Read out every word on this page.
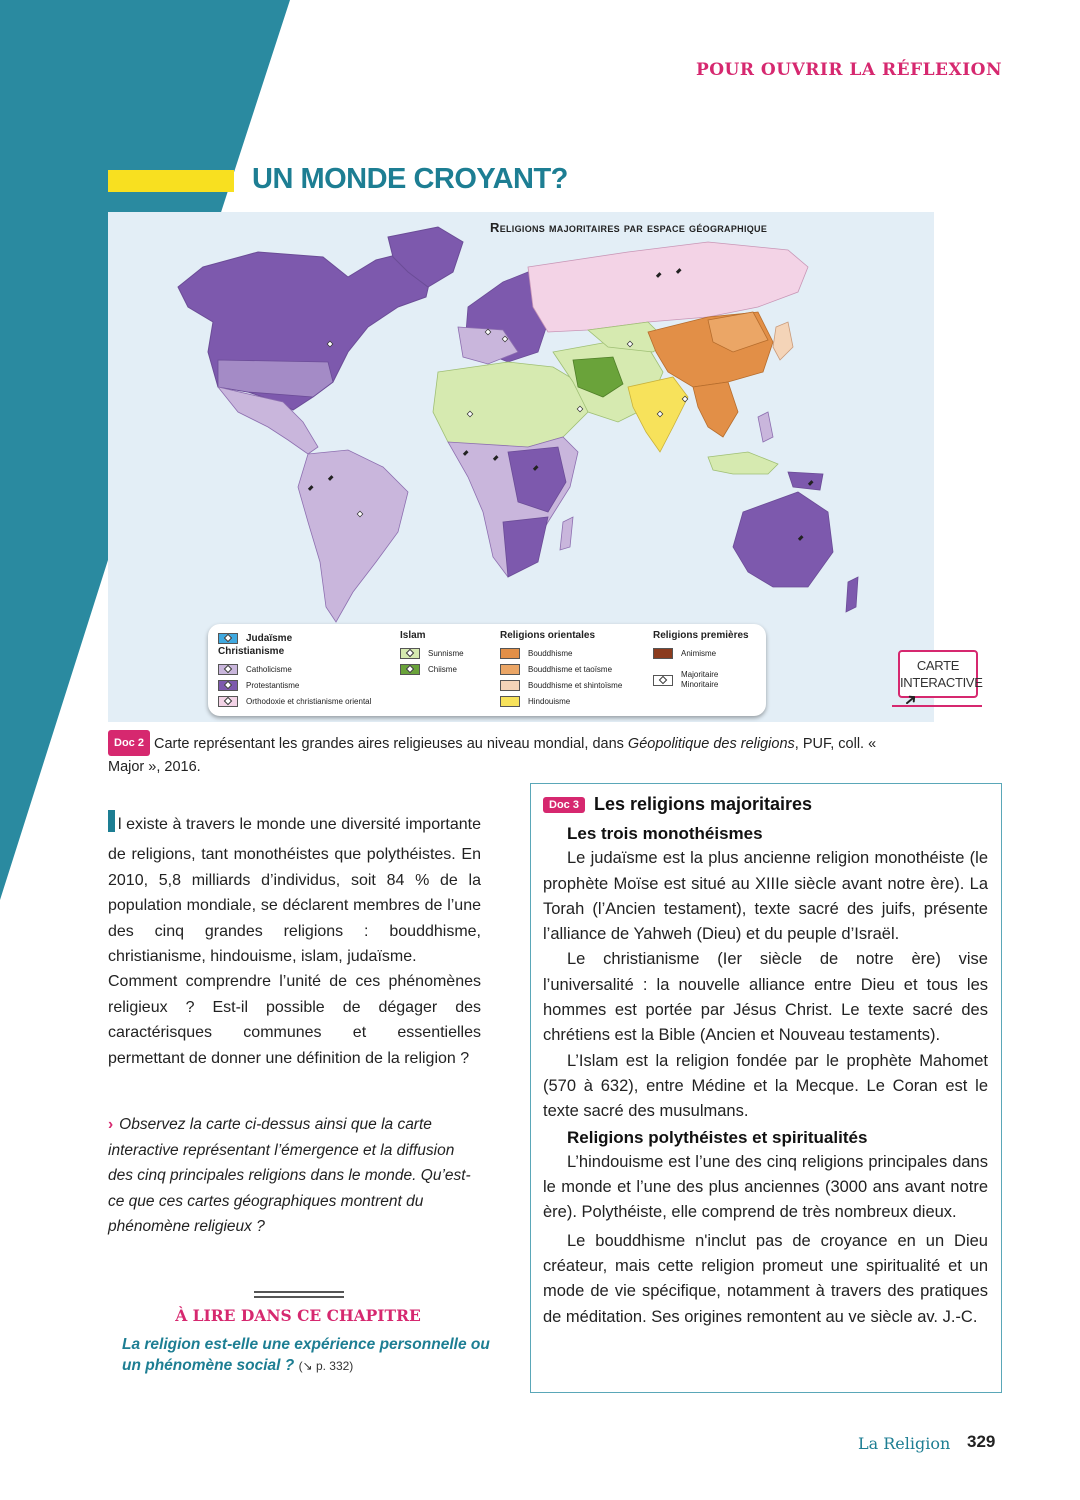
POUR OUVRIR LA RÉFLEXION
UN MONDE CROYANT?
Religions majoritaires par espace géographique
Judaïsme
Christianisme
Catholicisme
Protestantisme
Orthodoxie et christianisme oriental
Islam
Sunnisme
Chiisme
Religions orientales
Bouddhisme
Bouddhisme et taoïsme
Bouddhisme et shintoïsme
Hindouisme
Religions premières
Animisme
Majoritaire
Minoritaire
CARTE
INTERACTIVE
➜
Doc 2 Carte représentant les grandes aires religieuses au niveau mondial, dans Géopolitique des religions, PUF, coll. « Major », 2016.

l existe à travers le monde une diversité importante de religions, tant monothéistes que polythéistes. En 2010, 5,8 milliards d’individus, soit 84 % de la population mondiale, se déclarent membres de l’une des cinq grandes religions : bouddhisme, christianisme, hindouisme, islam, judaïsme.

Comment comprendre l’unité de ces phénomènes religieux ? Est-il possible de dégager des caractérisques communes et essentielles permettant de donner une définition de la religion ?

› Observez la carte ci-dessus ainsi que la carte interactive représentant l’émergence et la diffusion des cinq principales religions dans le monde. Qu’est-ce que ces cartes géographiques montrent du phénomène religieux ?
À LIRE DANS CE CHAPITRE
La religion est-elle une expérience personnelle ou un phénomène social ? (↘ p. 332)
Doc 3 Les religions majoritaires
Les trois monothéismes

Le judaïsme est la plus ancienne religion monothéiste (le prophète Moïse est situé au XIIIe siècle avant notre ère). La Torah (l’Ancien testament), texte sacré des juifs, présente l’alliance de Yahweh (Dieu) et du peuple d’Israël.

Le christianisme (Ier siècle de notre ère) vise l’universalité : la nouvelle alliance entre Dieu et tous les hommes est portée par Jésus Christ. Le texte sacré des chrétiens est la Bible (Ancien et Nouveau testaments).

L’Islam est la religion fondée par le prophète Mahomet (570 à 632), entre Médine et la Mecque. Le Coran est le texte sacré des musulmans.

Religions polythéistes et spiritualités

L’hindouisme est l’une des cinq religions principales dans le monde et l’une des plus anciennes (3000 ans avant notre ère). Polythéiste, elle comprend de très nombreux dieux.

Le bouddhisme n'inclut pas de croyance en un Dieu créateur, mais cette religion promeut une spiritualité et un mode de vie spécifique, notamment à travers des pratiques de méditation. Ses origines remontent au ve siècle av. J.-C.

La Religion 329
